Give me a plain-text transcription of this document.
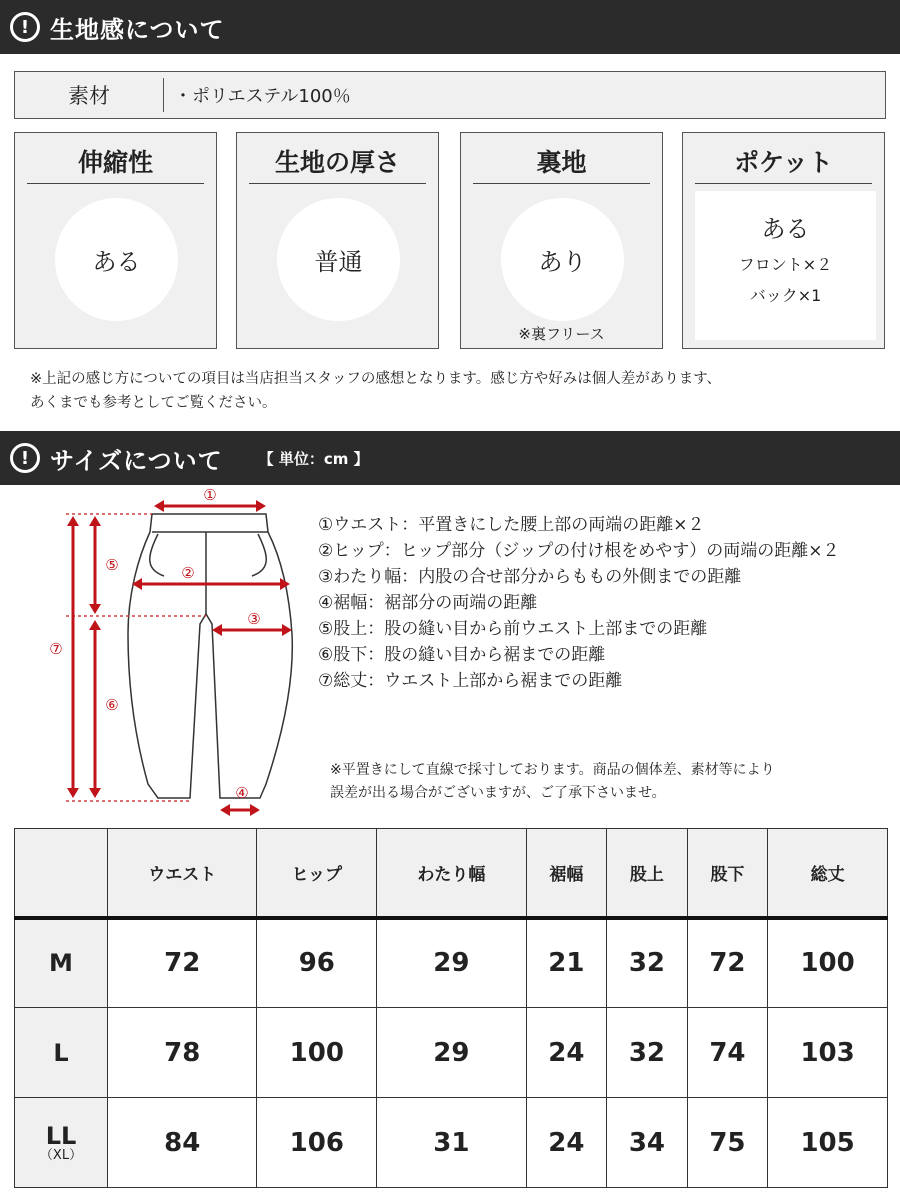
! 生地感について
素材	・ポリエステル100％
伸縮性
ある
生地の厚さ
普通
裏地
あり
※裏フリース
ポケット
ある
フロント×２
バック×1
※上記の感じ方についての項目は当店担当スタッフの感想となります。感じ方や好みは個人差があります、
あくまでも参考としてご覧ください。
! サイズについて 【 単位：cm 】
①
②
③
④
⑤
⑥
⑦
①ウエスト：平置きにした腰上部の両端の距離×２
②ヒップ：ヒップ部分（ジップの付け根をめやす）の両端の距離×２
③わたり幅：内股の合せ部分からももの外側までの距離
④裾幅：裾部分の両端の距離
⑤股上：股の縫い目から前ウエスト上部までの距離
⑥股下：股の縫い目から裾までの距離
⑦総丈：ウエスト上部から裾までの距離
※平置きにして直線で採寸しております。商品の個体差、素材等により
誤差が出る場合がございますが、ご了承下さいませ。
	ウエスト	ヒップ	わたり幅	裾幅	股上	股下	総丈

M	72	96	29	21	32	72	100

L	78	100	29	24	32	74	103

LL
（XL）	84	106	31	24	34	75	105
